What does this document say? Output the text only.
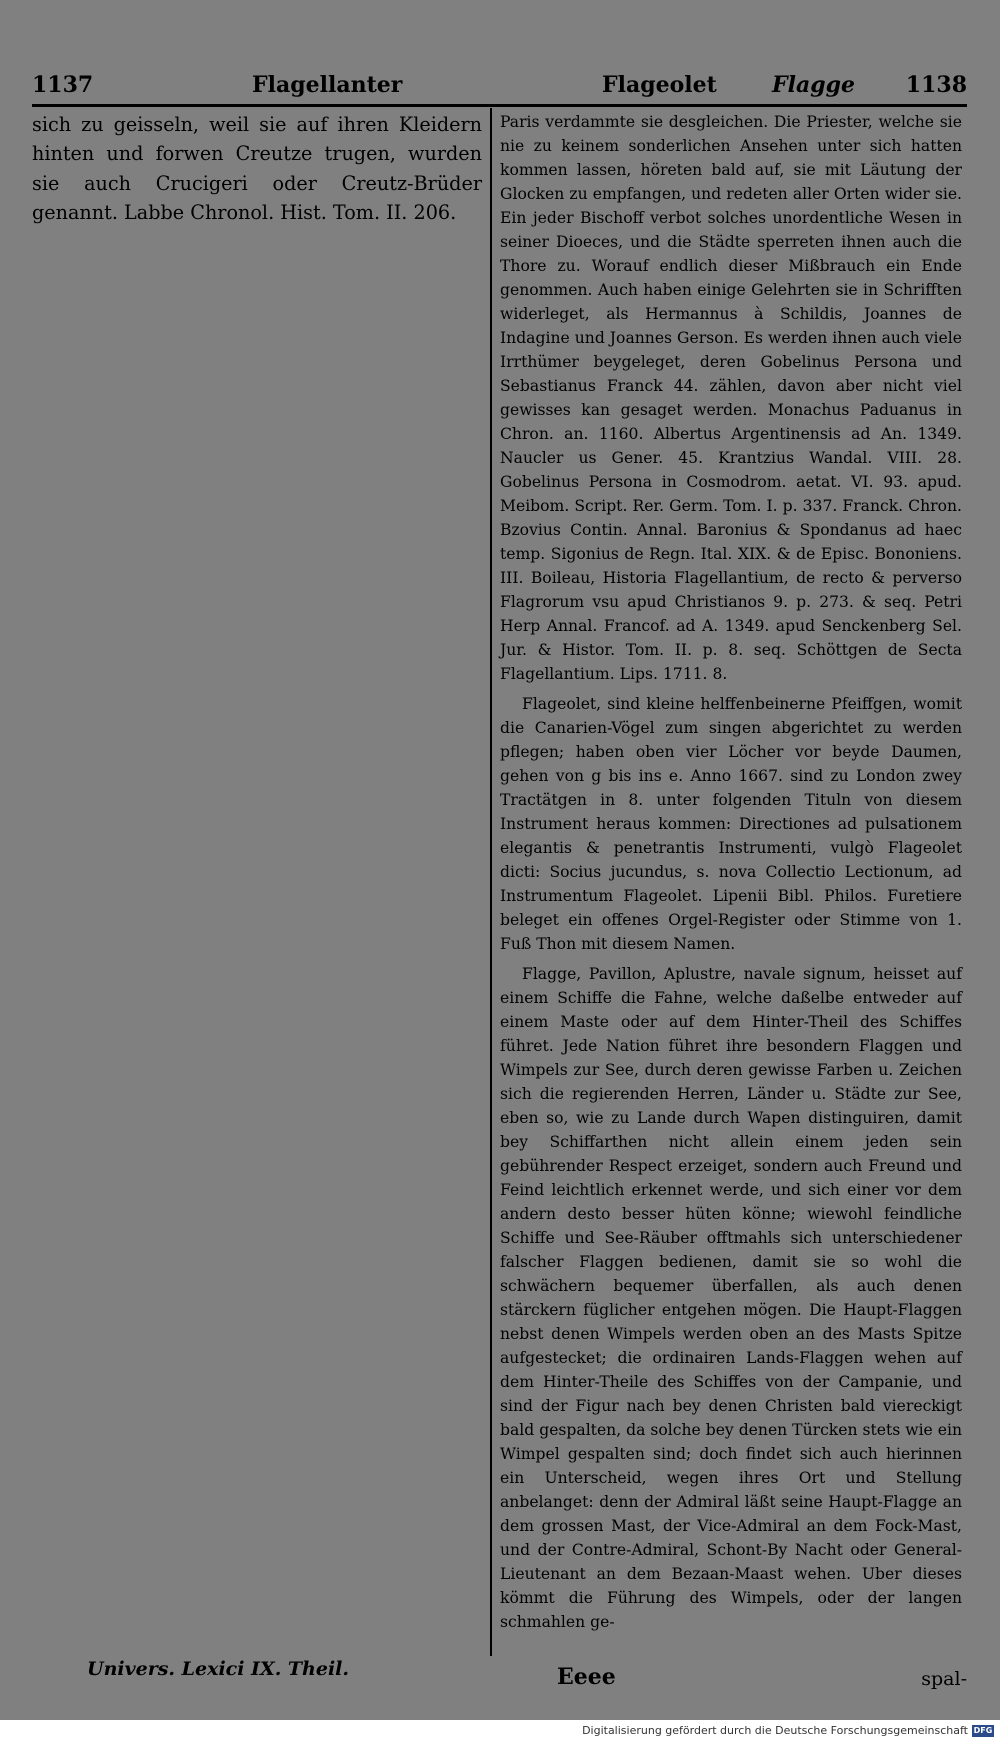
1137	Flagellanter	Flageolet	Flagge 1138

sich zu geisseln, weil sie auf ihren Kleidern hinten und forwen Creutze trugen, wurden sie auch Crucigeri oder Creutz-Brüder genannt. Labbe Chronol. Hist. Tom. II. 206.

Paris verdammte sie desgleichen. Die Priester, welche sie nie zu keinem sonderlichen Ansehen unter sich hatten kommen lassen, höreten bald auf, sie mit Läutung der Glocken zu empfangen, und redeten aller Orten wider sie. Ein jeder Bischoff verbot solches unordentliche Wesen in seiner Dioeces, und die Städte sperreten ihnen auch die Thore zu. Worauf endlich dieser Mißbrauch ein Ende genommen. Auch haben einige Gelehrten sie in Schrifften widerleget, als Hermannus à Schildis, Joannes de Indagine und Joannes Gerson. Es werden ihnen auch viele Irrthümer beygeleget, deren Gobelinus Persona und Sebastianus Franck 44. zählen, davon aber nicht viel gewisses kan gesaget werden. Monachus Paduanus in Chron. an. 1160. Albertus Argentinensis ad An. 1349. Naucler us Gener. 45. Krantzius Wandal. VIII. 28. Gobelinus Persona in Cosmodrom. aetat. VI. 93. apud. Meibom. Script. Rer. Germ. Tom. I. p. 337. Franck. Chron. Bzovius Contin. Annal. Baronius & Spondanus ad haec temp. Sigonius de Regn. Ital. XIX. & de Episc. Bononiens. III. Boileau, Historia Flagellantium, de recto & perverso Flagrorum vsu apud Christianos 9. p. 273. & seq. Petri Herp Annal. Francof. ad A. 1349. apud Senckenberg Sel. Jur. & Histor. Tom. II. p. 8. seq. Schöttgen de Secta Flagellantium. Lips. 1711. 8.

Flageolet, sind kleine helffenbeinerne Pfeiffgen, womit die Canarien-Vögel zum singen abgerichtet zu werden pflegen; haben oben vier Löcher vor beyde Daumen, gehen von g bis ins e. Anno 1667. sind zu London zwey Tractätgen in 8. unter folgenden Tituln von diesem Instrument heraus kommen: Directiones ad pulsationem elegantis & penetrantis Instrumenti, vulgò Flageolet dicti: Socius jucundus, s. nova Collectio Lectionum, ad Instrumentum Flageolet. Lipenii Bibl. Philos. Furetiere beleget ein offenes Orgel-Register oder Stimme von 1. Fuß Thon mit diesem Namen.

Flagge, Pavillon, Aplustre, navale signum, heisset auf einem Schiffe die Fahne, welche daßelbe entweder auf einem Maste oder auf dem Hinter-Theil des Schiffes führet. Jede Nation führet ihre besondern Flaggen und Wimpels zur See, durch deren gewisse Farben u. Zeichen sich die regierenden Herren, Länder u. Städte zur See, eben so, wie zu Lande durch Wapen distinguiren, damit bey Schiffarthen nicht allein einem jeden sein gebührender Respect erzeiget, sondern auch Freund und Feind leichtlich erkennet werde, und sich einer vor dem andern desto besser hüten könne; wiewohl feindliche Schiffe und See-Räuber offtmahls sich unterschiedener falscher Flaggen bedienen, damit sie so wohl die schwächern bequemer überfallen, als auch denen stärckern füglicher entgehen mögen. Die Haupt-Flaggen nebst denen Wimpels werden oben an des Masts Spitze aufgestecket; die ordinairen Lands-Flaggen wehen auf dem Hinter-Theile des Schiffes von der Campanie, und sind der Figur nach bey denen Christen bald viereckigt bald gespalten, da solche bey denen Türcken stets wie ein Wimpel gespalten sind; doch findet sich auch hierinnen ein Unterscheid, wegen ihres Ort und Stellung anbelanget: denn der Admiral läßt seine Haupt-Flagge an dem grossen Mast, der Vice-Admiral an dem Fock-Mast, und der Contre-Admiral, Schont-By Nacht oder General-Lieutenant an dem Bezaan-Maast wehen. Uber dieses kömmt die Führung des Wimpels, oder der langen schmahlen ge-

Univers. Lexici IX. Theil.	Eeee	spal-
Digitalisierung gefördert durch die Deutsche Forschungsgemeinschaft DFG
